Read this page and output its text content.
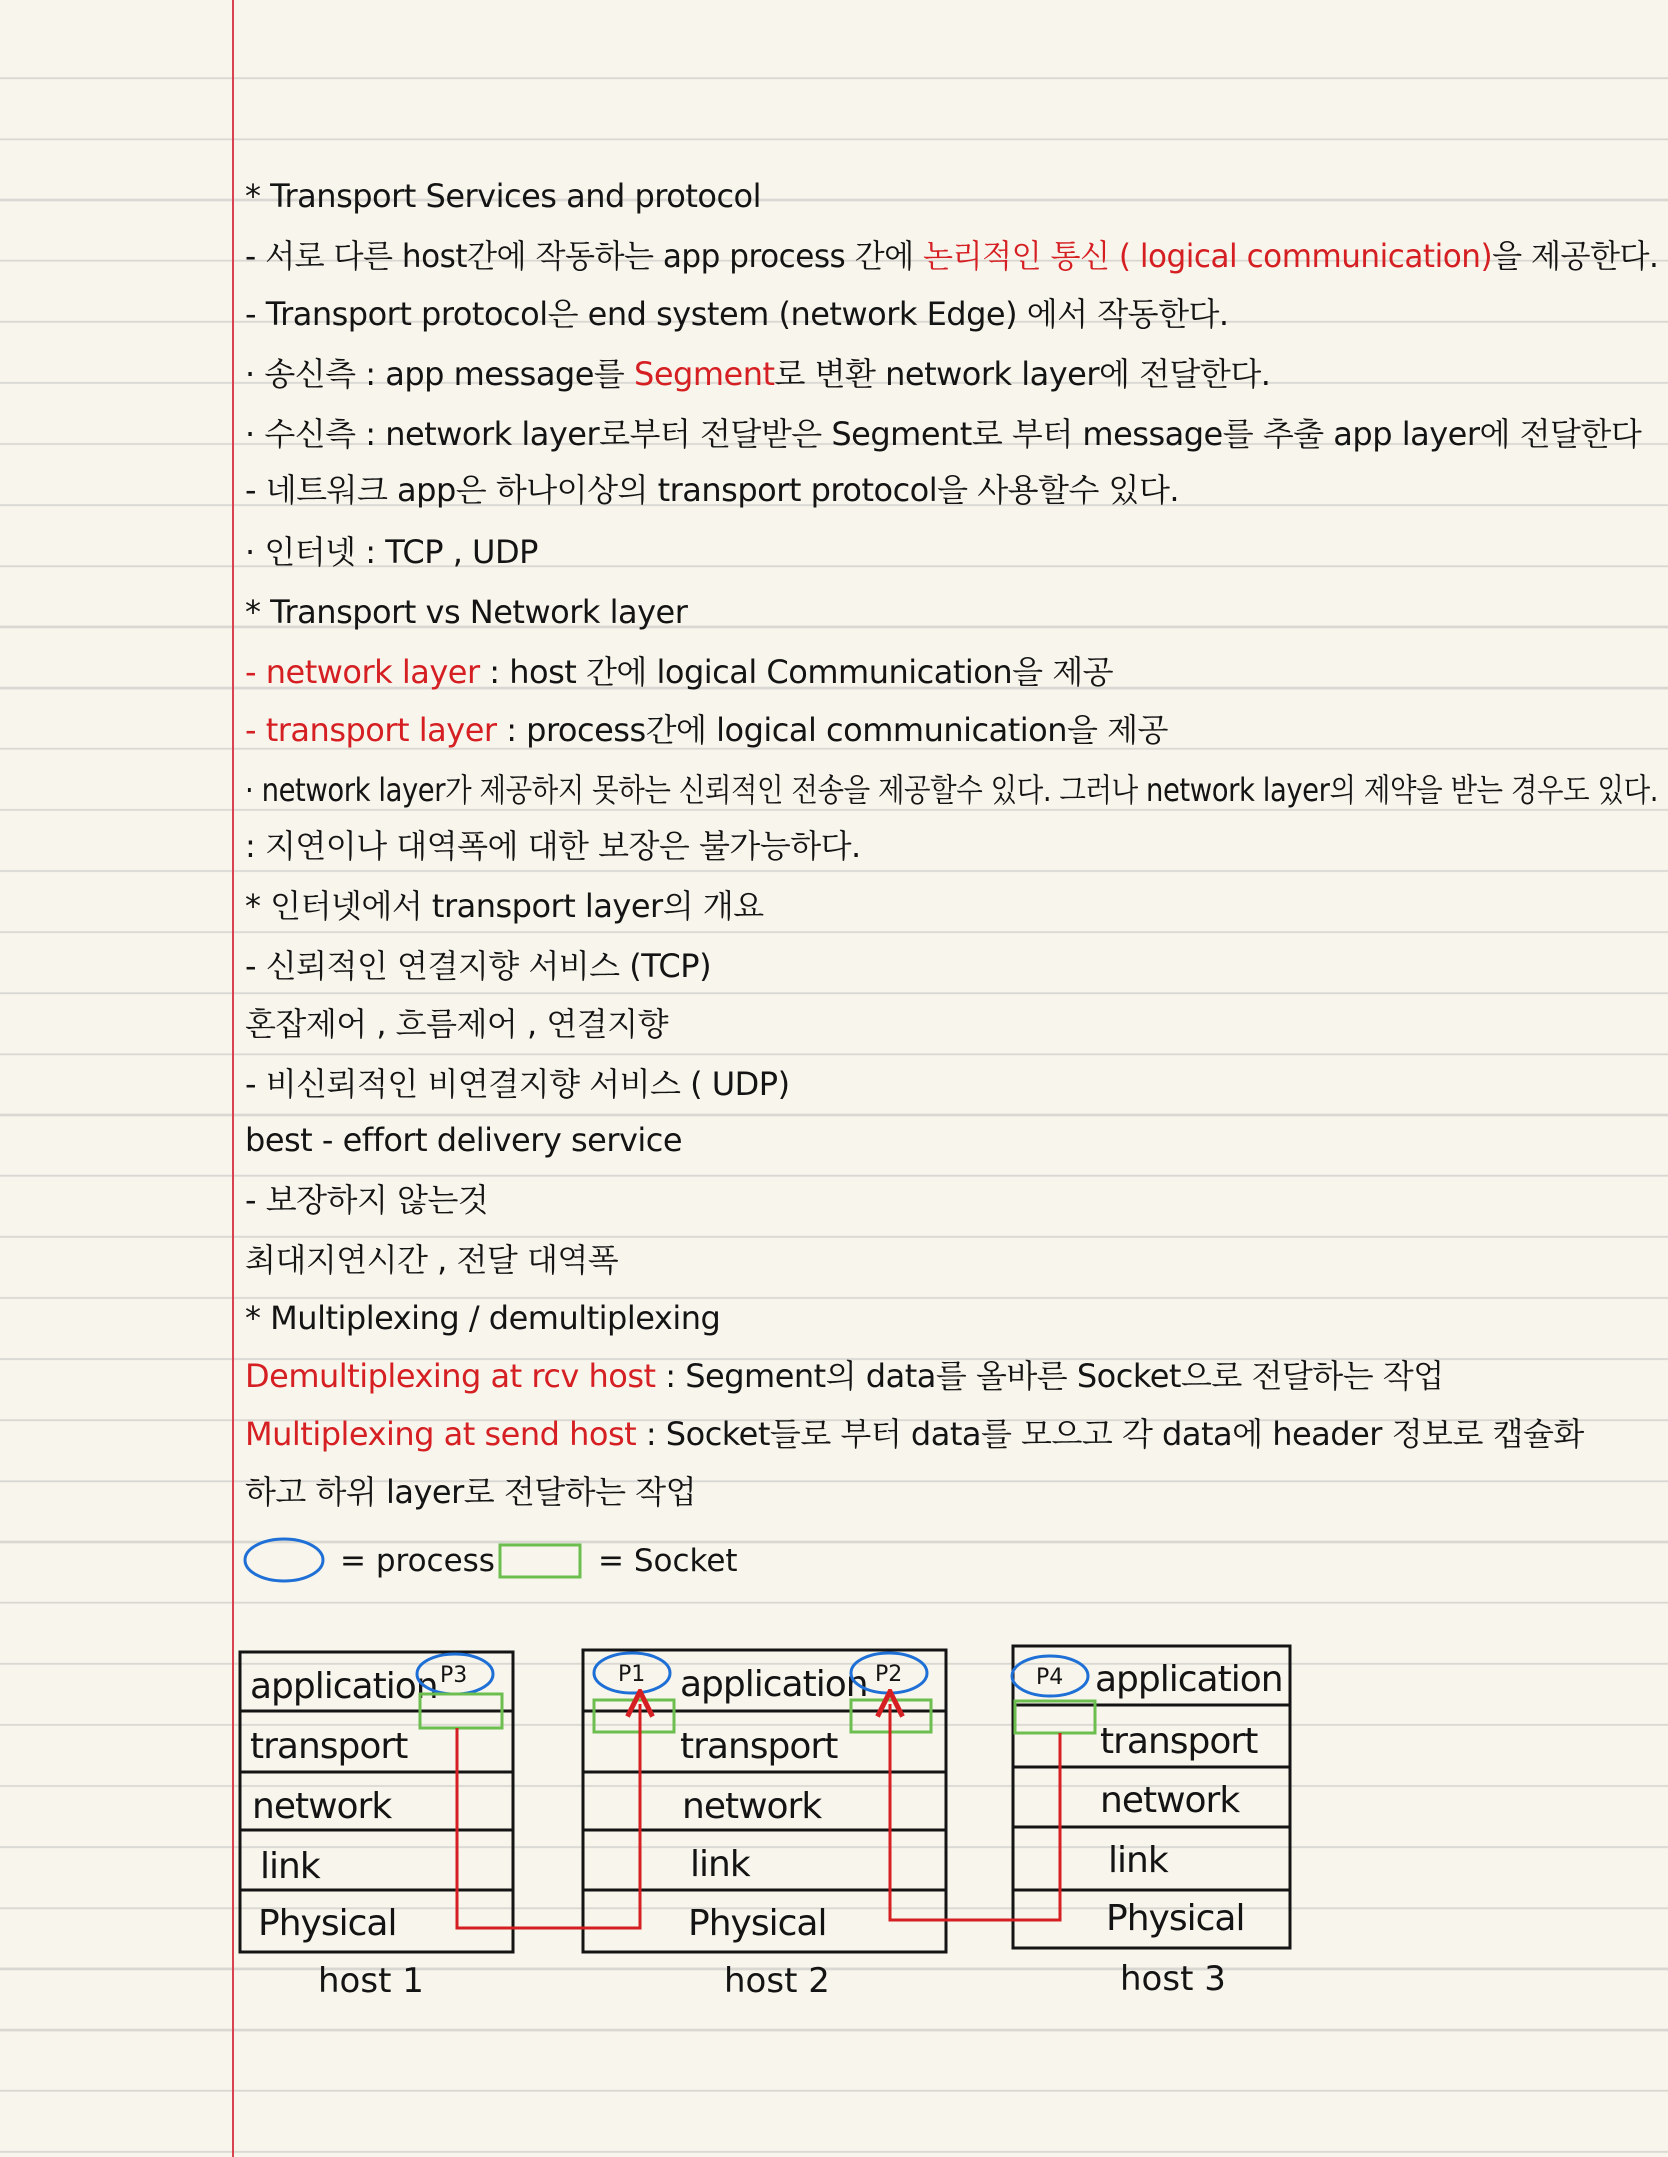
* Transport Services and protocol
- 서로 다른 host간에 작동하는 app process 간에 논리적인 통신 ( logical communication)을 제공한다.
- Transport protocol은 end system (network Edge) 에서 작동한다.
· 송신측 : app message를 Segment로 변환 network layer에 전달한다.
· 수신측 : network layer로부터 전달받은 Segment로 부터 message를 추출 app layer에 전달한다
- 네트워크 app은 하나이상의 transport protocol을 사용할수 있다.
· 인터넷 : TCP , UDP
* Transport vs Network layer
- network layer : host 간에 logical Communication을 제공
- transport layer : process간에 logical communication을 제공
· network layer가 제공하지 못하는 신뢰적인 전송을 제공할수 있다. 그러나 network layer의 제약을 받는 경우도 있다.
: 지연이나 대역폭에 대한 보장은 불가능하다.
* 인터넷에서 transport layer의 개요
- 신뢰적인 연결지향 서비스 (TCP)
혼잡제어 , 흐름제어 , 연결지향
- 비신뢰적인 비연결지향 서비스 ( UDP)
best - effort delivery service
- 보장하지 않는것
최대지연시간 , 전달 대역폭
* Multiplexing / demultiplexing
Demultiplexing at rcv host : Segment의 data를 올바른 Socket으로 전달하는 작업
Multiplexing at send host : Socket들로 부터 data를 모으고 각 data에 header 정보로 캡슐화
하고 하위 layer로 전달하는 작업
= process	= Socket
application
transport
network
link
Physical
P3
host 1
application
transport
network
link
Physical
P1	P2
host 2
application
transport
network
link
Physical
P4
host 3
